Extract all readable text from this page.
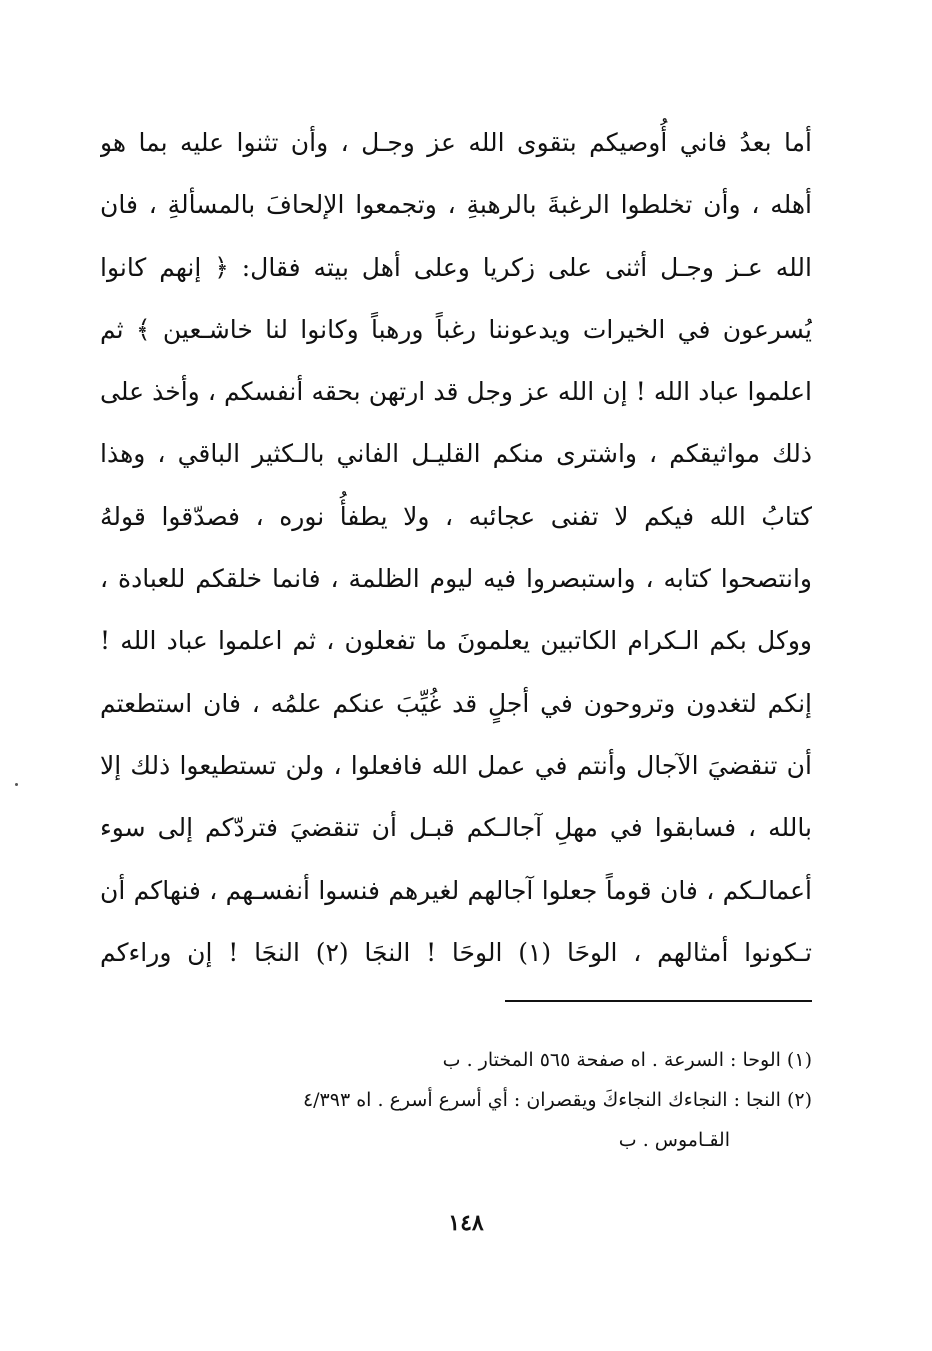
أما بعدُ فاني أُوصيكم بتقوى الله عز وجـل ، وأن تثنوا عليه بما هو
أهله ، وأن تخلطوا الرغبةَ بالرهبةِ ، وتجمعوا الإلحافَ بالمسألةِ ، فان
الله عـز وجـل أثنى على زكريا وعلى أهل بيته فقال: ﴿ إنهم كانوا
يُسرعون في الخيرات ويدعوننا رغباً ورهباً وكانوا لنا خاشـعين ﴾ ثم
اعلموا عباد الله ! إن الله عز وجل قد ارتهن بحقه أنفسكم ، وأخذ على
ذلك مواثيقكم ، واشترى منكم القليـل الفاني بالـكثير الباقي ، وهذا
كتابُ الله فيكم لا تفنى عجائبه ، ولا يطفأُ نوره ، فصدّقوا قولهُ
وانتصحوا كتابه ، واستبصروا فيه ليوم الظلمة ، فانما خلقكم للعبادة ،
ووكل بكم الـكرام الكاتبين يعلمونَ ما تفعلون ، ثم اعلموا عباد الله !
إنكم لتغدون وتروحون في أجلٍ قد غُيِّبَ عنكم علمُه ، فان استطعتم
أن تنقضيَ الآجال وأنتم في عمل الله فافعلوا ، ولن تستطيعوا ذلك إلا
بالله ، فسابقوا في مهلِ آجالـكم قبـل أن تنقضيَ فتردّكم إلى سوء
أعمالـكم ، فان قوماً جعلوا آجالهم لغيرهم فنسوا أنفسـهم ، فنهاكم أن
تـكونوا أمثالهم ، الوحَا (١) الوحَا ! النجَا (٢) النجَا ! إن وراءكم
(١) الوحا : السرعة . اه صفحة ٥٦٥ المختار . ب
(٢) النجا : النجاءك النجاءكَ ويقصران : أي أسرع أسرع . اه ٤/٣٩٣
القـاموس . ب
١٤٨
